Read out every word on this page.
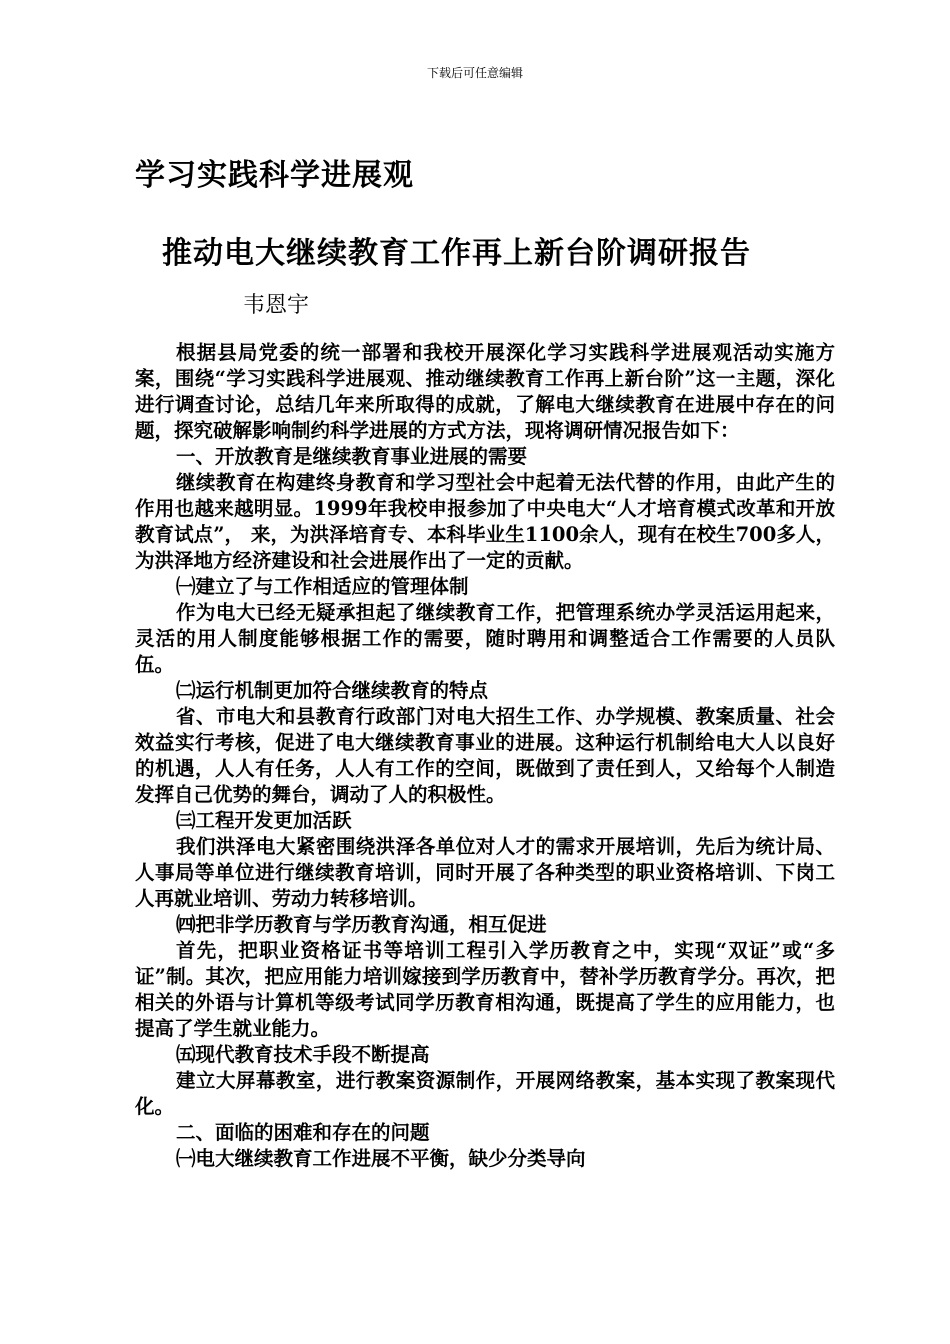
下载后可任意编辑
学习实践科学进展观
推动电大继续教育工作再上新台阶调研报告
韦恩宇

根据县局党委的统一部署和我校开展深化学习实践科学进展观活动实施方案，围绕“学习实践科学进展观、推动继续教育工作再上新台阶”这一主题，深化进行调查讨论，总结几年来所取得的成就，了解电大继续教育在进展中存在的问题，探究破解影响制约科学进展的方式方法，现将调研情况报告如下：

一、开放教育是继续教育事业进展的需要

继续教育在构建终身教育和学习型社会中起着无法代替的作用，由此产生的作用也越来越明显。1999年我校申报参加了中央电大“人才培育模式改革和开放教育试点”， 来，为洪泽培育专、本科毕业生1100余人，现有在校生700多人，为洪泽地方经济建设和社会进展作出了一定的贡献。

㈠建立了与工作相适应的管理体制

作为电大已经无疑承担起了继续教育工作，把管理系统办学灵活运用起来，灵活的用人制度能够根据工作的需要，随时聘用和调整适合工作需要的人员队伍。

㈡运行机制更加符合继续教育的特点

省、市电大和县教育行政部门对电大招生工作、办学规模、教案质量、社会效益实行考核，促进了电大继续教育事业的进展。这种运行机制给电大人以良好的机遇，人人有任务，人人有工作的空间，既做到了责任到人，又给每个人制造发挥自己优势的舞台，调动了人的积极性。

㈢工程开发更加活跃

我们洪泽电大紧密围绕洪泽各单位对人才的需求开展培训，先后为统计局、人事局等单位进行继续教育培训，同时开展了各种类型的职业资格培训、下岗工人再就业培训、劳动力转移培训。

㈣把非学历教育与学历教育沟通，相互促进

首先，把职业资格证书等培训工程引入学历教育之中，实现“双证”或“多证”制。其次，把应用能力培训嫁接到学历教育中，替补学历教育学分。再次，把相关的外语与计算机等级考试同学历教育相沟通，既提高了学生的应用能力，也提高了学生就业能力。

㈤现代教育技术手段不断提高

建立大屏幕教室，进行教案资源制作，开展网络教案，基本实现了教案现代化。

二、面临的困难和存在的问题

㈠电大继续教育工作进展不平衡，缺少分类导向
